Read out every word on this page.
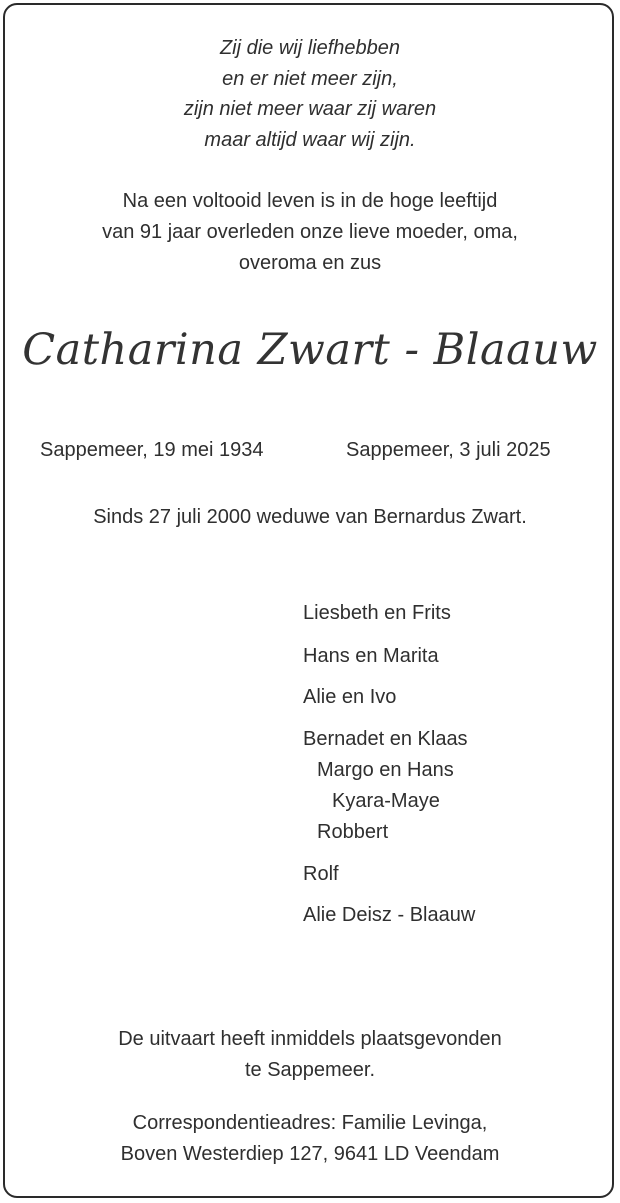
Zij die wij liefhebben
en er niet meer zijn,
zijn niet meer waar zij waren
maar altijd waar wij zijn.
Na een voltooid leven is in de hoge leeftijd
van 91 jaar overleden onze lieve moeder, oma,
overoma en zus
Catharina Zwart - Blaauw
Sappemeer, 19 mei 1934	Sappemeer, 3 juli 2025
Sinds 27 juli 2000 weduwe van Bernardus Zwart.
Liesbeth en Frits
Hans en Marita
Alie en Ivo
Bernadet en Klaas
Margo en Hans
Kyara-Maye
Robbert
Rolf
Alie Deisz - Blaauw
De uitvaart heeft inmiddels plaatsgevonden
te Sappemeer.
Correspondentieadres: Familie Levinga,
Boven Westerdiep 127, 9641 LD Veendam
